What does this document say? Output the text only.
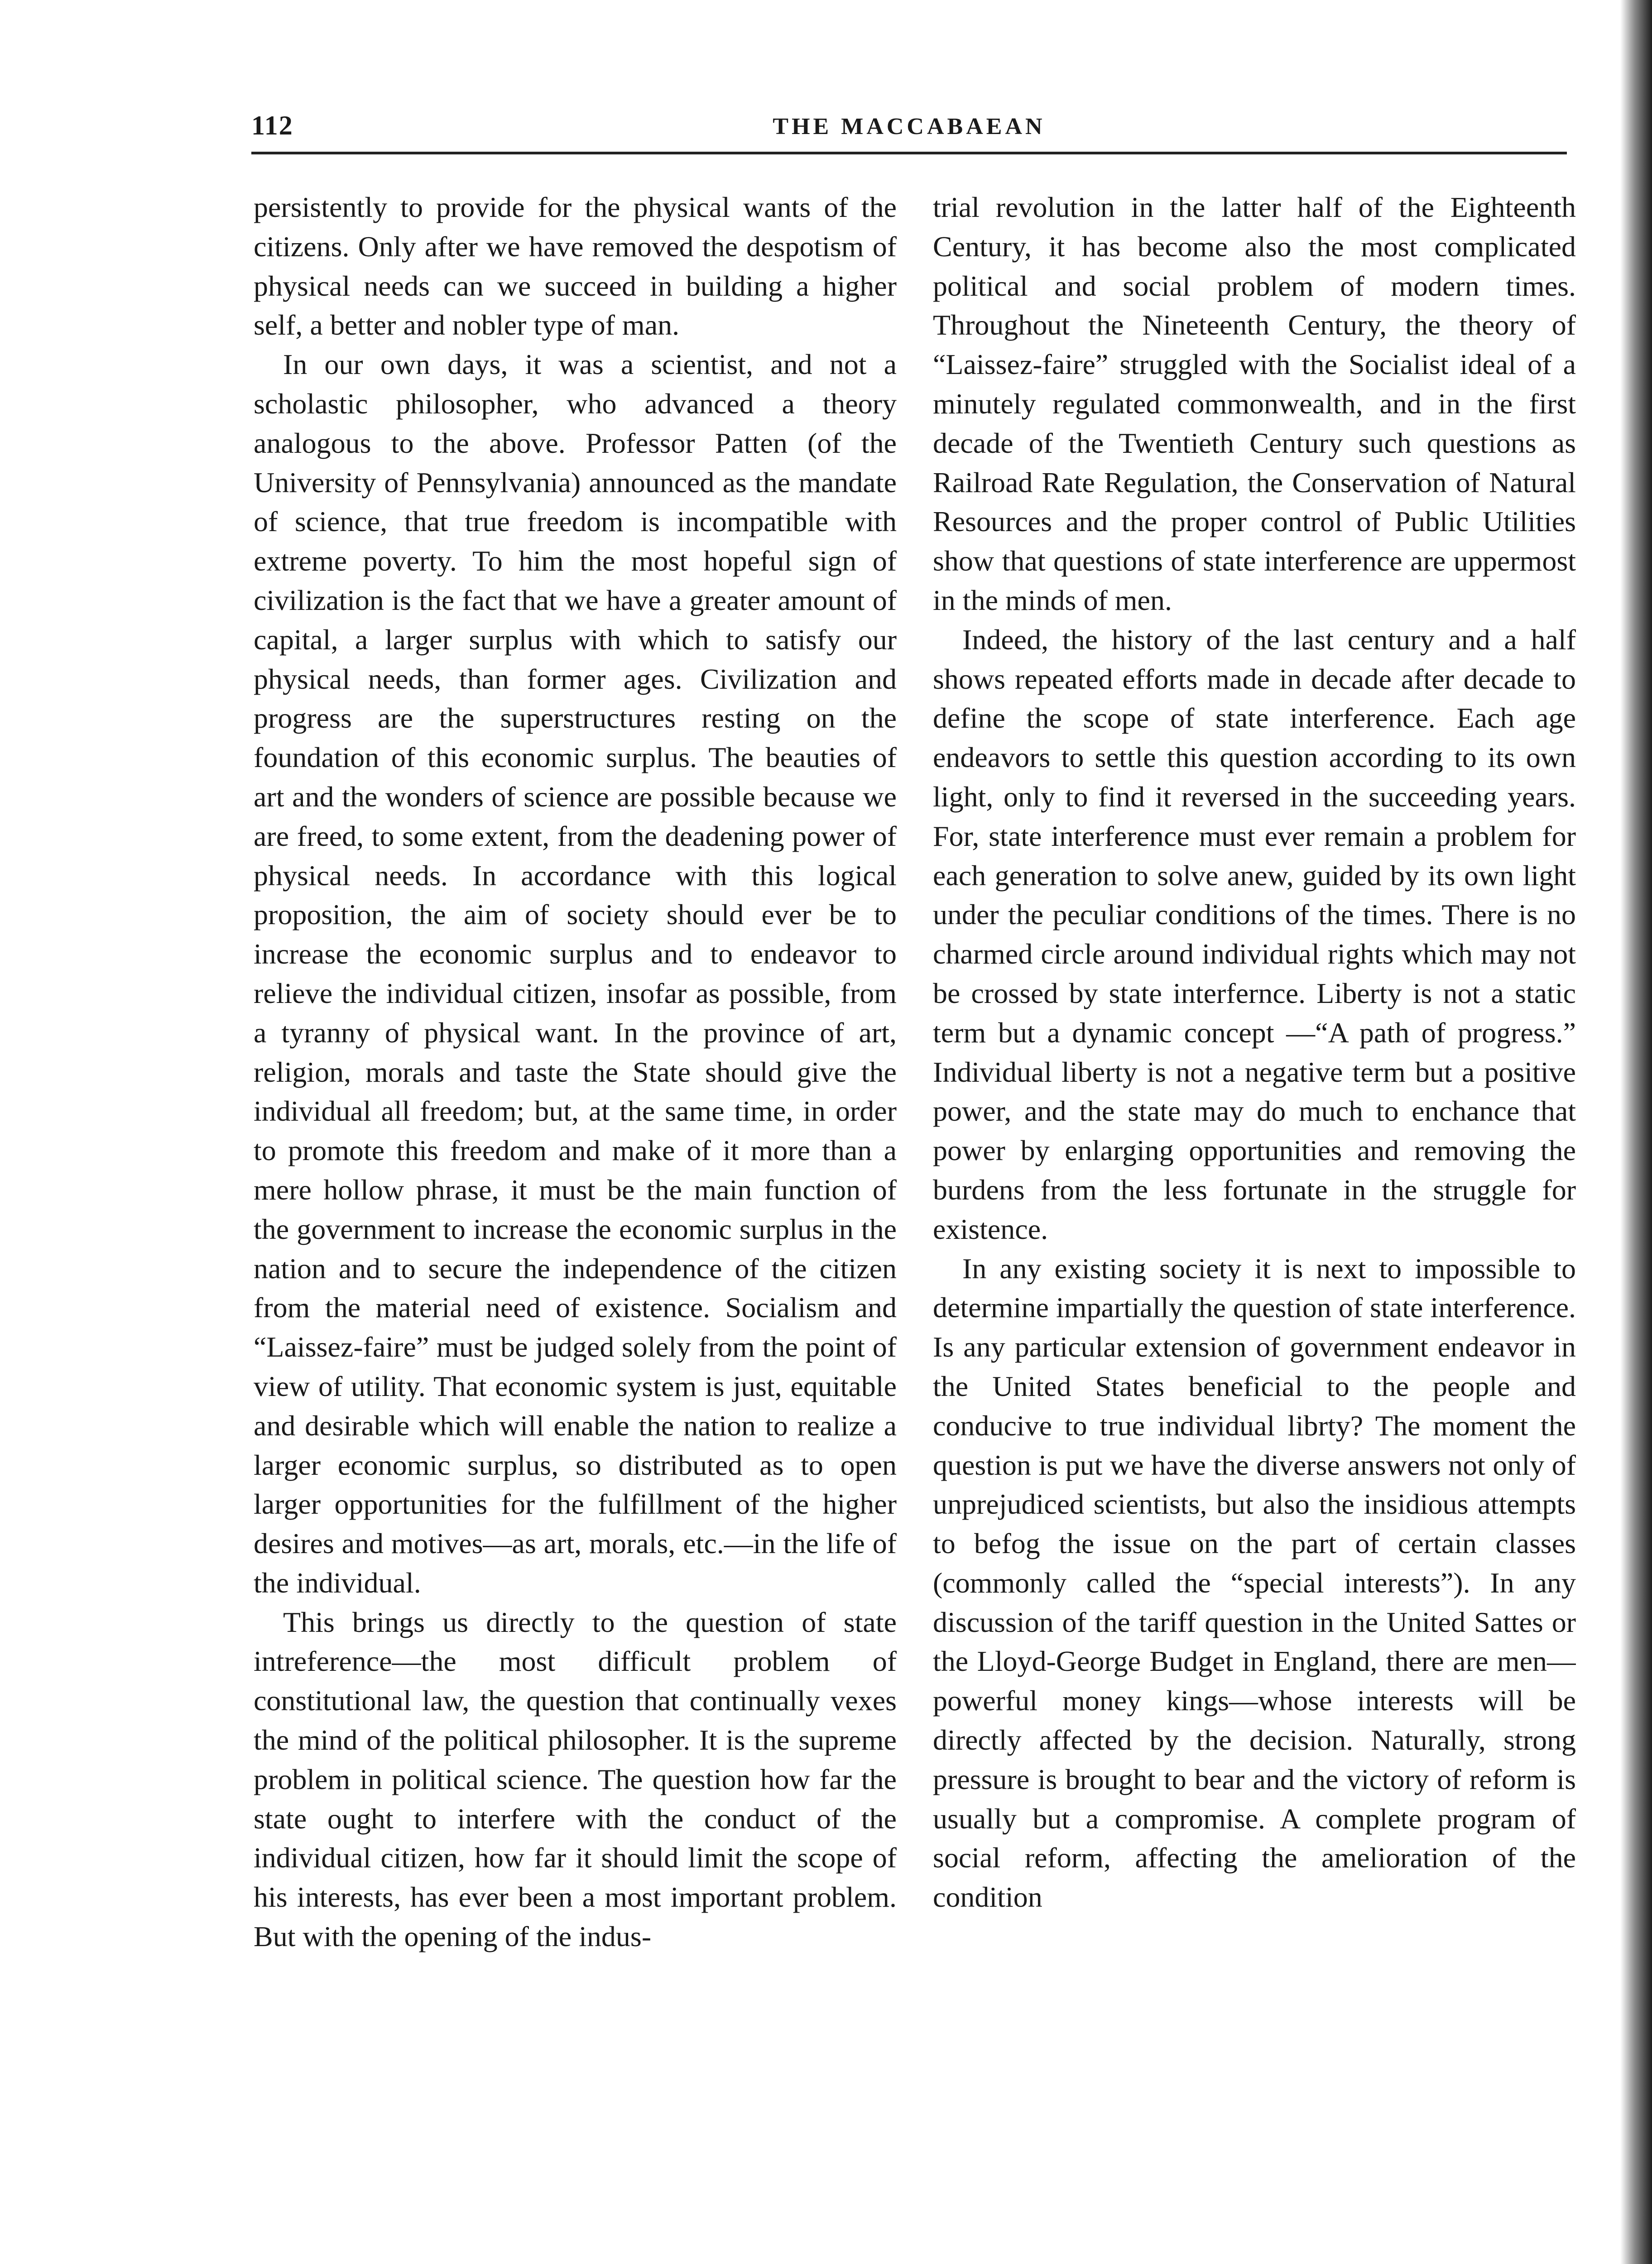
112	THE MACCABAEAN

persistently to provide for the physical wants of the citizens. Only after we have removed the despotism of physical needs can we succeed in building a higher self, a better and nobler type of man.

In our own days, it was a scientist, and not a scholastic philosopher, who advanced a theory analogous to the above. Professor Patten (of the University of Pennsylvania) announced as the mandate of science, that true freedom is incompatible with extreme poverty. To him the most hopeful sign of civilization is the fact that we have a greater amount of capital, a larger surplus with which to satisfy our physical needs, than former ages. Civilization and progress are the superstructures resting on the foundation of this economic surplus. The beauties of art and the wonders of science are possible because we are freed, to some extent, from the deadening power of physical needs. In accordance with this logical proposition, the aim of society should ever be to increase the economic surplus and to endeavor to relieve the individual citizen, insofar as possible, from a tyranny of physical want. In the province of art, religion, morals and taste the State should give the individual all freedom; but, at the same time, in order to promote this freedom and make of it more than a mere hollow phrase, it must be the main function of the government to increase the economic surplus in the nation and to secure the independence of the citizen from the material need of existence. Socialism and “Laissez-faire” must be judged solely from the point of view of utility. That economic system is just, equitable and desirable which will enable the nation to realize a larger economic surplus, so distributed as to open larger opportunities for the fulfillment of the higher desires and motives—as art, morals, etc.—in the life of the individual.

This brings us directly to the question of state intreference—the most difficult problem of constitutional law, the question that continually vexes the mind of the political philosopher. It is the supreme problem in political science. The question how far the state ought to interfere with the conduct of the individual citizen, how far it should limit the scope of his interests, has ever been a most important problem. But with the opening of the indus-

trial revolution in the latter half of the Eighteenth Century, it has become also the most complicated political and social problem of modern times. Throughout the Nineteenth Century, the theory of “Laissez-faire” struggled with the Socialist ideal of a minutely regulated commonwealth, and in the first decade of the Twentieth Century such questions as Railroad Rate Regulation, the Conservation of Natural Resources and the proper control of Public Utilities show that questions of state interference are uppermost in the minds of men.

Indeed, the history of the last century and a half shows repeated efforts made in decade after decade to define the scope of state interference. Each age endeavors to settle this question according to its own light, only to find it reversed in the succeeding years. For, state interference must ever remain a problem for each generation to solve anew, guided by its own light under the peculiar conditions of the times. There is no charmed circle around individual rights which may not be crossed by state interfernce. Liberty is not a static term but a dynamic concept —“A path of progress.” Individual liberty is not a negative term but a positive power, and the state may do much to enchance that power by enlarging opportunities and removing the burdens from the less fortunate in the struggle for existence.

In any existing society it is next to impossible to determine impartially the question of state interference. Is any particular extension of government endeavor in the United States beneficial to the people and conducive to true individual librty? The moment the question is put we have the diverse answers not only of unprejudiced scientists, but also the insidious attempts to befog the issue on the part of certain classes (commonly called the “special interests”). In any discussion of the tariff question in the United Sattes or the Lloyd-George Budget in England, there are men—powerful money kings—whose interests will be directly affected by the decision. Naturally, strong pressure is brought to bear and the victory of reform is usually but a compromise. A complete program of social reform, affecting the amelioration of the condition
